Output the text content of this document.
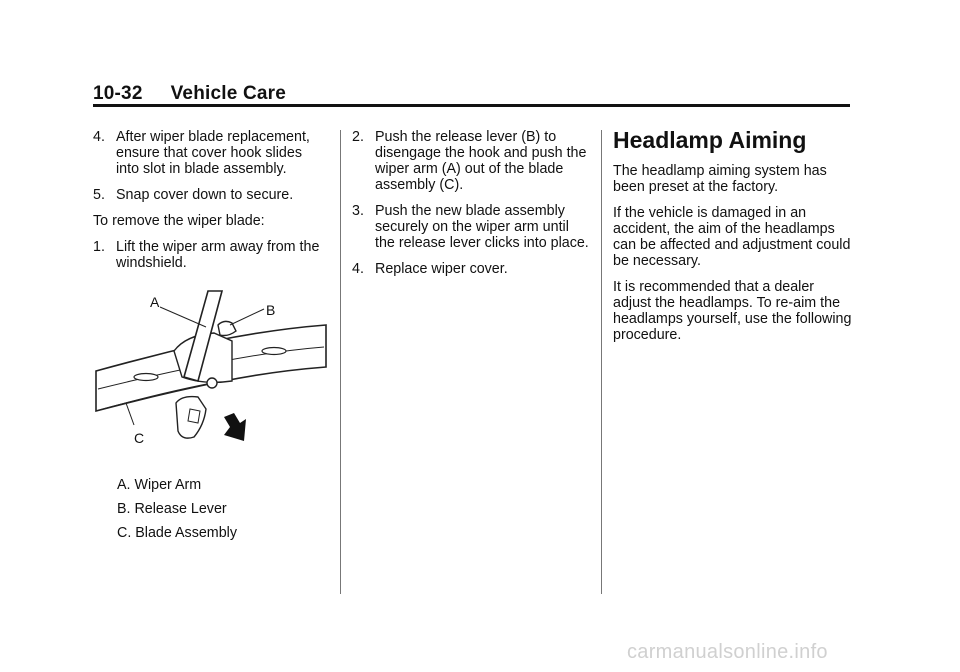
10-32 Vehicle Care
4. After wiper blade replacement, ensure that cover hook slides into slot in blade assembly.
5. Snap cover down to secure.

To remove the wiper blade:

1. Lift the wiper arm away from the windshield.
A	B
C
A. Wiper Arm
B. Release Lever
C. Blade Assembly
2. Push the release lever (B) to disengage the hook and push the wiper arm (A) out of the blade assembly (C).
3. Push the new blade assembly securely on the wiper arm until the release lever clicks into place.
4. Replace wiper cover.
Headlamp Aiming

The headlamp aiming system has been preset at the factory.

If the vehicle is damaged in an accident, the aim of the headlamps can be affected and adjustment could be necessary.

It is recommended that a dealer adjust the headlamps. To re-aim the headlamps yourself, use the following procedure.

carmanualsonline.info
